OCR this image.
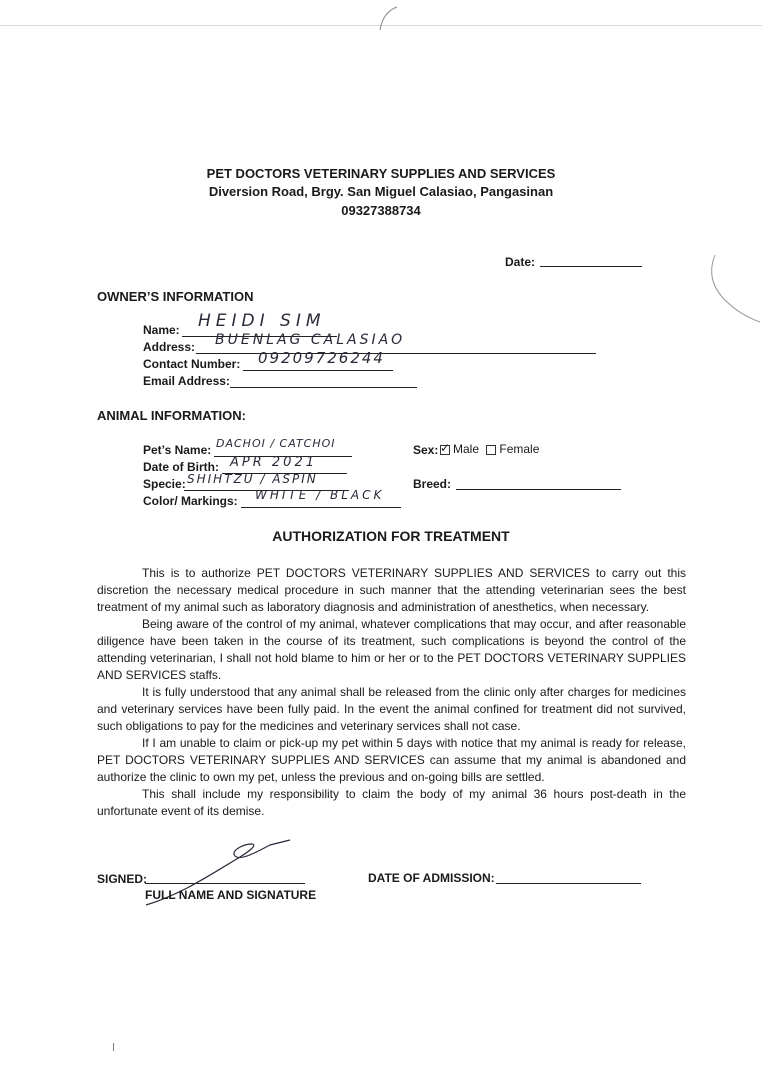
PET DOCTORS VETERINARY SUPPLIES AND SERVICES
Diversion Road, Brgy. San Miguel Calasiao, Pangasinan
09327388734
Date:
OWNER’S INFORMATION
Name: HEIDI SIM
Address: BUENLAG CALASIAO
Contact Number: 09209726244
Email Address:
ANIMAL INFORMATION:
Pet’s Name: DACHOI / CATCHOI
Date of Birth: APR 2021
Specie: SHIHTZU / ASPIN
Color/ Markings: WHITE / BLACK
Sex: ✓ Male Female
Breed:
AUTHORIZATION FOR TREATMENT
This is to authorize PET DOCTORS VETERINARY SUPPLIES AND SERVICES to carry out this discretion the necessary medical procedure in such manner that the attending veterinarian sees the best treatment of my animal such as laboratory diagnosis and administration of anesthetics, when necessary.
Being aware of the control of my animal, whatever complications that may occur, and after reasonable diligence have been taken in the course of its treatment, such complications is beyond the control of the attending veterinarian, I shall not hold blame to him or her or to the PET DOCTORS VETERINARY SUPPLIES AND SERVICES staffs.
It is fully understood that any animal shall be released from the clinic only after charges for medicines and veterinary services have been fully paid. In the event the animal confined for treatment did not survived, such obligations to pay for the medicines and veterinary services shall not case.
If I am unable to claim or pick-up my pet within 5 days with notice that my animal is ready for release, PET DOCTORS VETERINARY SUPPLIES AND SERVICES can assume that my animal is abandoned and authorize the clinic to own my pet, unless the previous and on-going bills are settled.
This shall include my responsibility to claim the body of my animal 36 hours post-death in the unfortunate event of its demise.
SIGNED:
FULL NAME AND SIGNATURE
DATE OF ADMISSION:
